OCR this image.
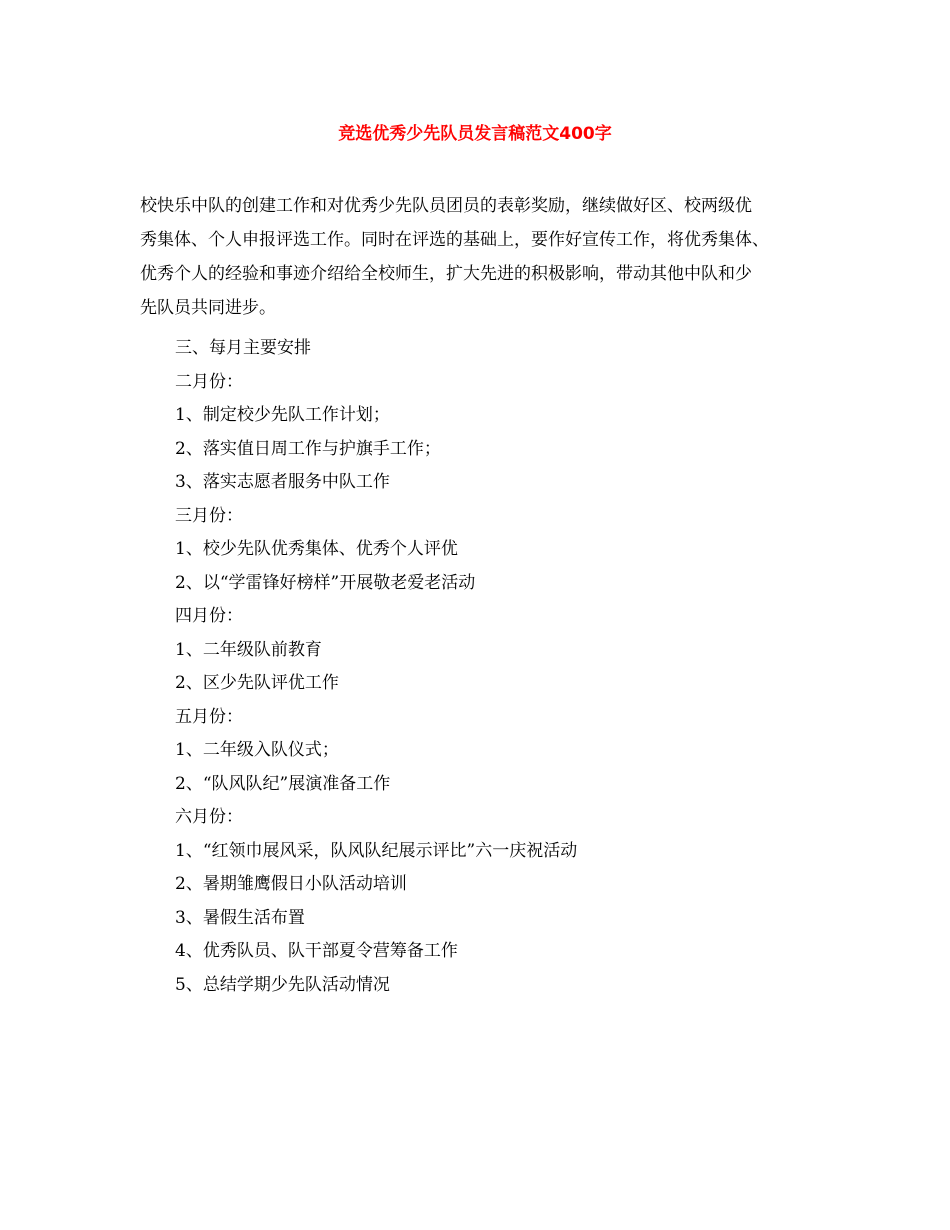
竞选优秀少先队员发言稿范文400字
校快乐中队的创建工作和对优秀少先队员团员的表彰奖励，继续做好区、校两级优
秀集体、个人申报评选工作。同时在评选的基础上，要作好宣传工作，将优秀集体、
优秀个人的经验和事迹介绍给全校师生，扩大先进的积极影响，带动其他中队和少
先队员共同进步。
三、每月主要安排
二月份：
1、制定校少先队工作计划；
2、落实值日周工作与护旗手工作；
3、落实志愿者服务中队工作
三月份：
1、校少先队优秀集体、优秀个人评优
2、以“学雷锋好榜样”开展敬老爱老活动
四月份：
1、二年级队前教育
2、区少先队评优工作
五月份：
1、二年级入队仪式；
2、“队风队纪”展演准备工作
六月份：
1、“红领巾展风采，队风队纪展示评比”六一庆祝活动
2、暑期雏鹰假日小队活动培训
3、暑假生活布置
4、优秀队员、队干部夏令营筹备工作
5、总结学期少先队活动情况
